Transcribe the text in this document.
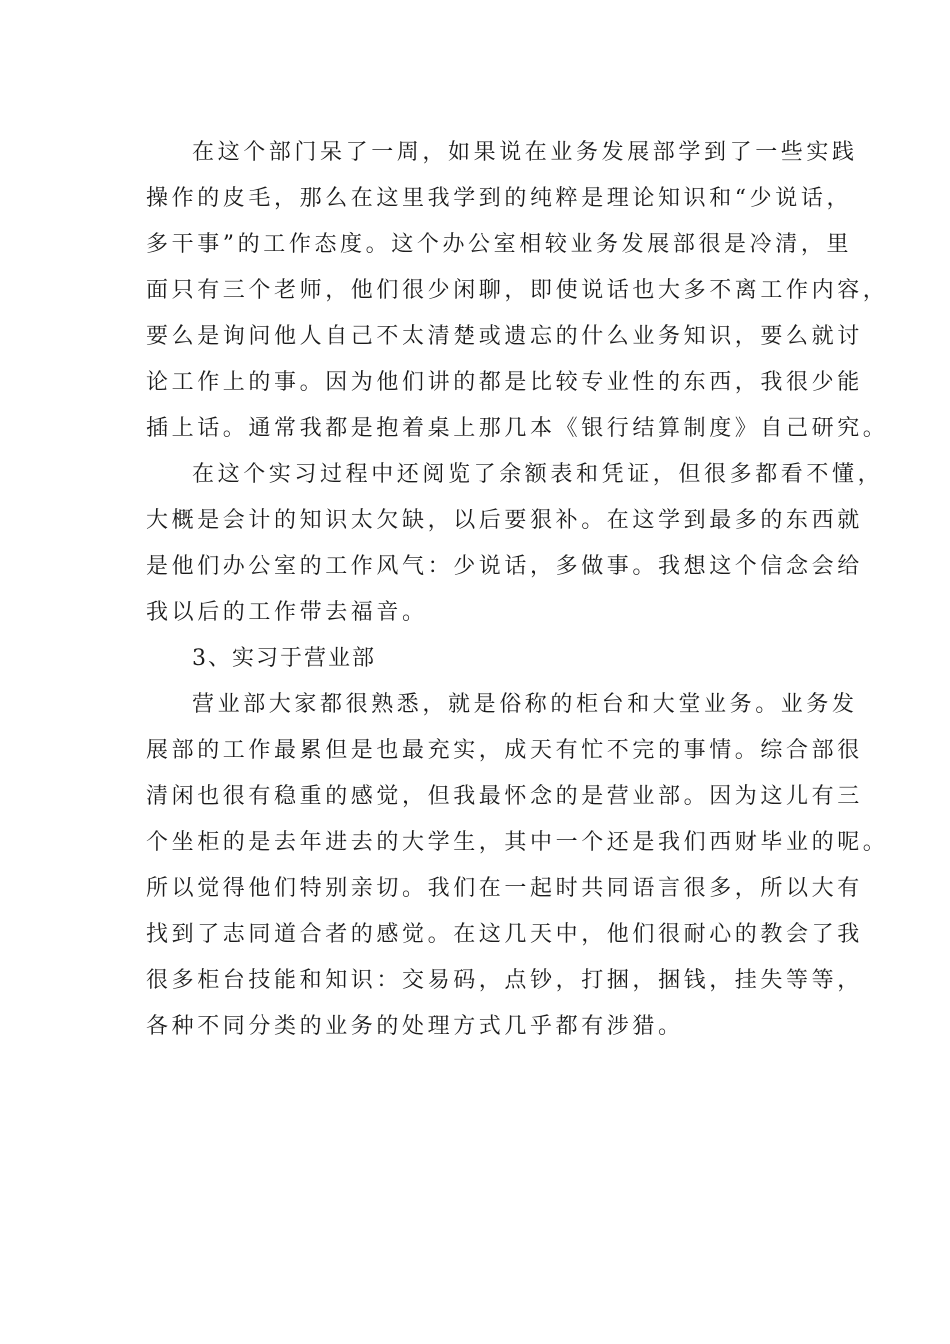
在这个部门呆了一周，如果说在业务发展部学到了一些实践
操作的皮毛，那么在这里我学到的纯粹是理论知识和“少说话，
多干事”的工作态度。这个办公室相较业务发展部很是冷清，里
面只有三个老师，他们很少闲聊，即使说话也大多不离工作内容，
要么是询问他人自己不太清楚或遗忘的什么业务知识，要么就讨
论工作上的事。因为他们讲的都是比较专业性的东西，我很少能
插上话。通常我都是抱着桌上那几本《银行结算制度》自己研究。
在这个实习过程中还阅览了余额表和凭证，但很多都看不懂，
大概是会计的知识太欠缺，以后要狠补。在这学到最多的东西就
是他们办公室的工作风气：少说话，多做事。我想这个信念会给
我以后的工作带去福音。
3、实习于营业部
营业部大家都很熟悉，就是俗称的柜台和大堂业务。业务发
展部的工作最累但是也最充实，成天有忙不完的事情。综合部很
清闲也很有稳重的感觉，但我最怀念的是营业部。因为这儿有三
个坐柜的是去年进去的大学生，其中一个还是我们西财毕业的呢。
所以觉得他们特别亲切。我们在一起时共同语言很多，所以大有
找到了志同道合者的感觉。在这几天中，他们很耐心的教会了我
很多柜台技能和知识：交易码，点钞，打捆，捆钱，挂失等等，
各种不同分类的业务的处理方式几乎都有涉猎。
